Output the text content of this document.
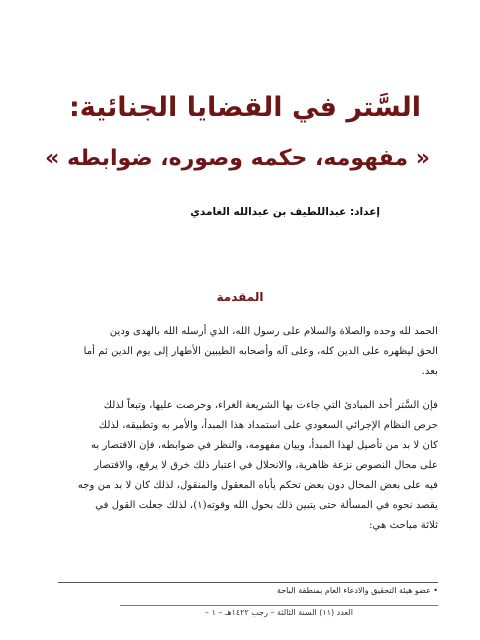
السَّتر في القضايا الجنائية:
« مفهومه، حكمه وصوره، ضوابطه »
إعداد: عبداللطيف بن عبدالله الغامدي
المقدمة
الحمد لله وحده والصلاة والسلام على رسول الله، الذي أرسله الله بالهدى ودين
الحق ليظهره على الدين كله، وعلى آله وأصحابه الطيبين الأطهار إلى يوم الدين ثم أما
بعد.
فإن السَّتر أحد المبادئ التي جاءت بها الشريعة الغراء، وحرصت عليها، وتبعاً لذلك
حرص النظام الإجرائي السعودي على استمداد هذا المبدأ، والأمر به وتطبيقه، لذلك
كان لا بد من تأصيل لهذا المبدأ، وبيان مفهومه، والنظر في ضوابطه، فإن الاقتصار به
على محال النصوص نزعة ظاهرية، والانحلال في اعتبار ذلك خرق لا يرقع، والاقتصار
فيه على بعض المحال دون بعض تحكم يأباه المعقول والمنقول، لذلك كان لا بد من وجه
يقصد نحوه في المسألة حتى يتبين ذلك بحول الله وقوته(١)، لذلك جعلت القول في
ثلاثة مباحث هي:
• عضو هيئة التحقيق والادعاء العام بمنطقة الباحة
العدد (١١) السنة الثالثة – رجب ١٤٢٢هـ – ١ –
